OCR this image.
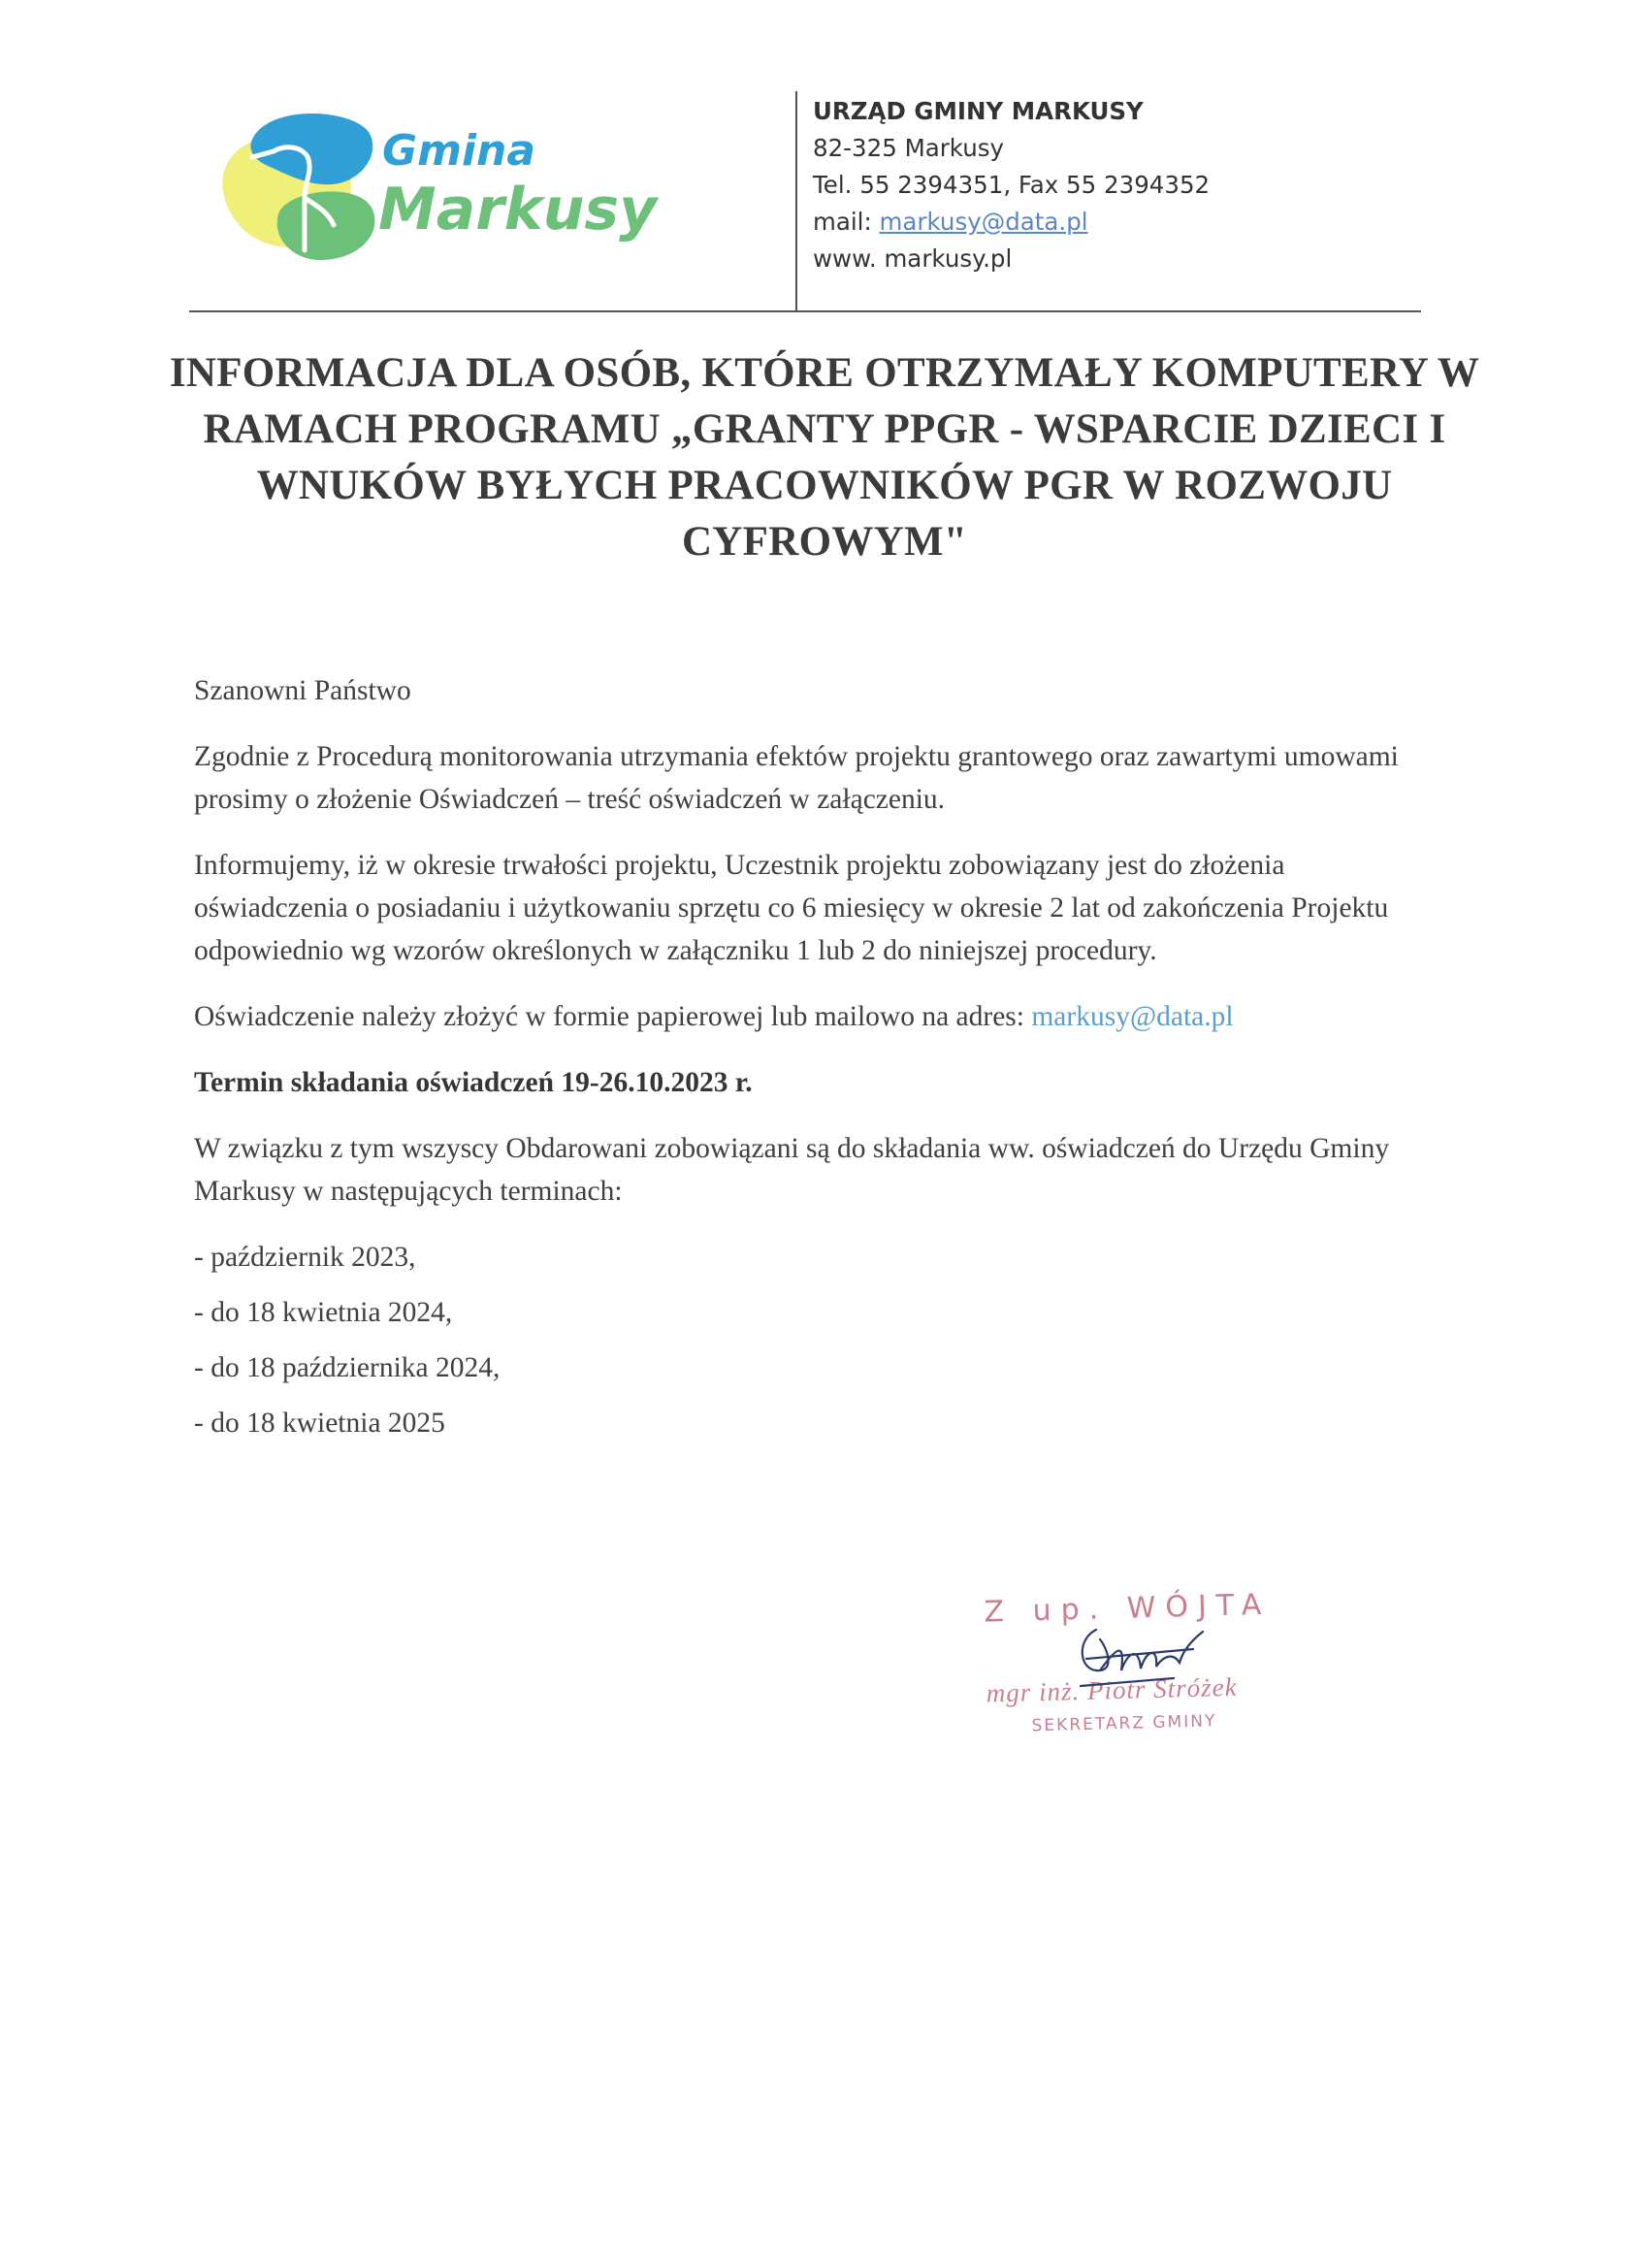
Gmina
Markusy
URZĄD GMINY MARKUSY
82-325 Markusy
Tel. 55 2394351, Fax 55 2394352
mail: markusy@data.pl
www. markusy.pl
INFORMACJA DLA OSÓB, KTÓRE OTRZYMAŁY KOMPUTERY W RAMACH PROGRAMU „GRANTY PPGR - WSPARCIE DZIECI I WNUKÓW BYŁYCH PRACOWNIKÓW PGR W ROZWOJU CYFROWYM"

Szanowni Państwo

Zgodnie z Procedurą monitorowania utrzymania efektów projektu grantowego oraz zawartymi umowami prosimy o złożenie Oświadczeń – treść oświadczeń w załączeniu.

Informujemy, iż w okresie trwałości projektu, Uczestnik projektu zobowiązany jest do złożenia oświadczenia o posiadaniu i użytkowaniu sprzętu co 6 miesięcy w okresie 2 lat od zakończenia Projektu odpowiednio wg wzorów określonych w załączniku 1 lub 2 do niniejszej procedury.

Oświadczenie należy złożyć w formie papierowej lub mailowo na adres: markusy@data.pl

Termin składania oświadczeń 19-26.10.2023 r.

W związku z tym wszyscy Obdarowani zobowiązani są do składania ww. oświadczeń do Urzędu Gminy Markusy w następujących terminach:

- październik 2023,
- do 18 kwietnia 2024,
- do 18 października 2024,
- do 18 kwietnia 2025
Z up. WÓJTA
mgr inż. Piotr Stróżek
SEKRETARZ GMINY
